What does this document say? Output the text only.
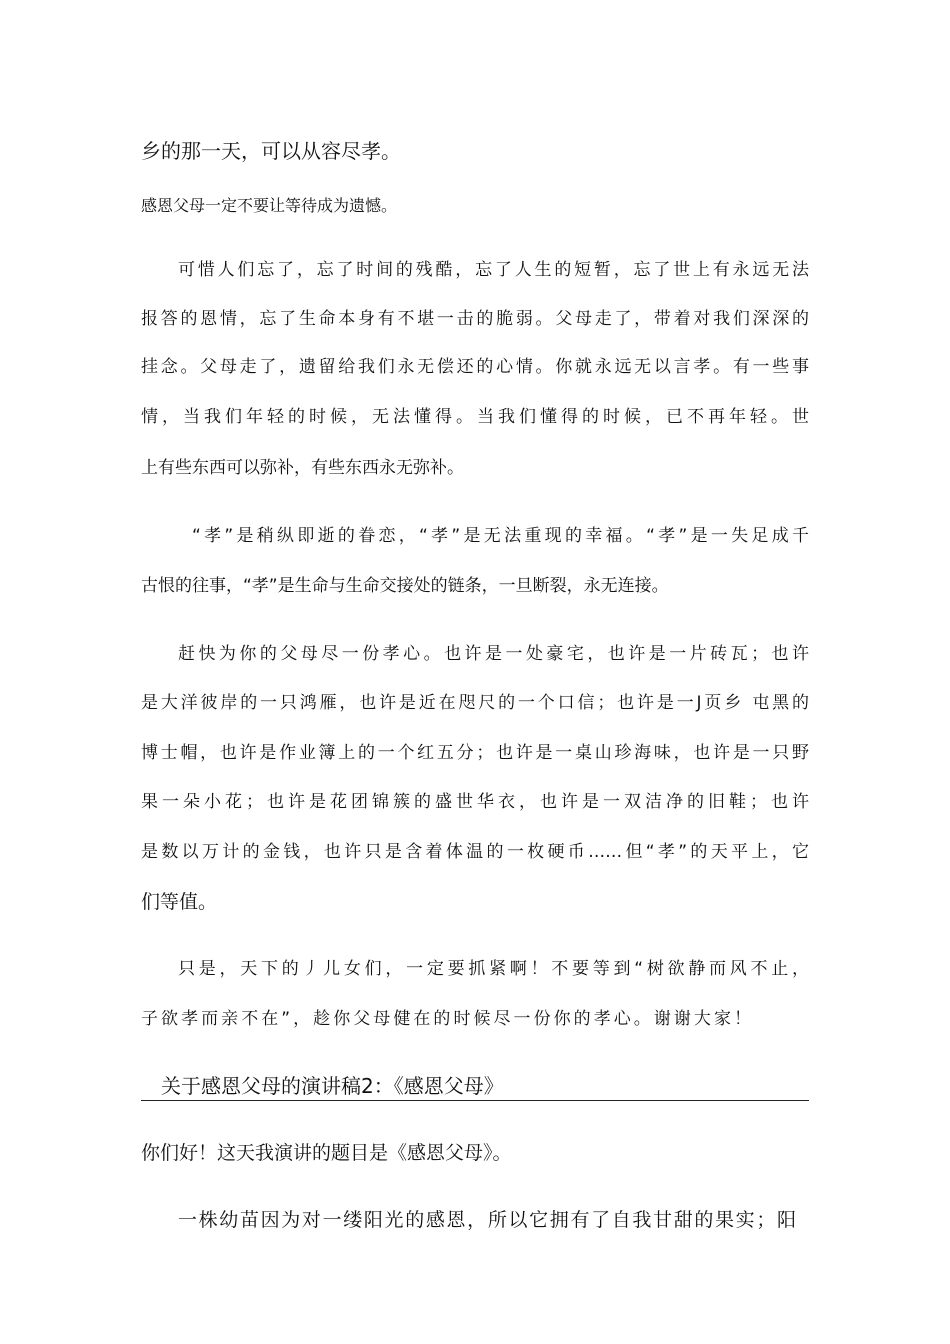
乡的那一天，可以从容尽孝。
感恩父母一定不要让等待成为遗憾。
可惜人们忘了，忘了时间的残酷，忘了人生的短暂，忘了世上有永远无法
报答的恩情，忘了生命本身有不堪一击的脆弱。父母走了，带着对我们深深的
挂念。父母走了，遗留给我们永无偿还的心情。你就永远无以言孝。有一些事
情，当我们年轻的时候，无法懂得。当我们懂得的时候，已不再年轻。世
上有些东西可以弥补，有些东西永无弥补。
“孝”是稍纵即逝的眷恋，“孝”是无法重现的幸福。“孝”是一失足成千
古恨的往事，“孝”是生命与生命交接处的链条，一旦断裂，永无连接。
赶快为你的父母尽一份孝心。也许是一处豪宅，也许是一片砖瓦；也许
是大洋彼岸的一只鸿雁，也许是近在咫尺的一个口信；也许是一J页乡 屯黑的
博士帽，也许是作业簿上的一个红五分；也许是一桌山珍海味，也许是一只野
果一朵小花；也许是花团锦簇的盛世华衣，也许是一双洁净的旧鞋；也许
是数以万计的金钱，也许只是含着体温的一枚硬币……但“孝”的天平上，它
们等值。
只是，天下的丿儿女们，一定要抓紧啊！不要等到“树欲静而风不止，
子欲孝而亲不在”，趁你父母健在的时候尽一份你的孝心。谢谢大家！
关于感恩父母的演讲稿2：《感恩父母》
你们好！这天我演讲的题目是《感恩父母》。
一株幼苗因为对一缕阳光的感恩，所以它拥有了自我甘甜的果实；阳
